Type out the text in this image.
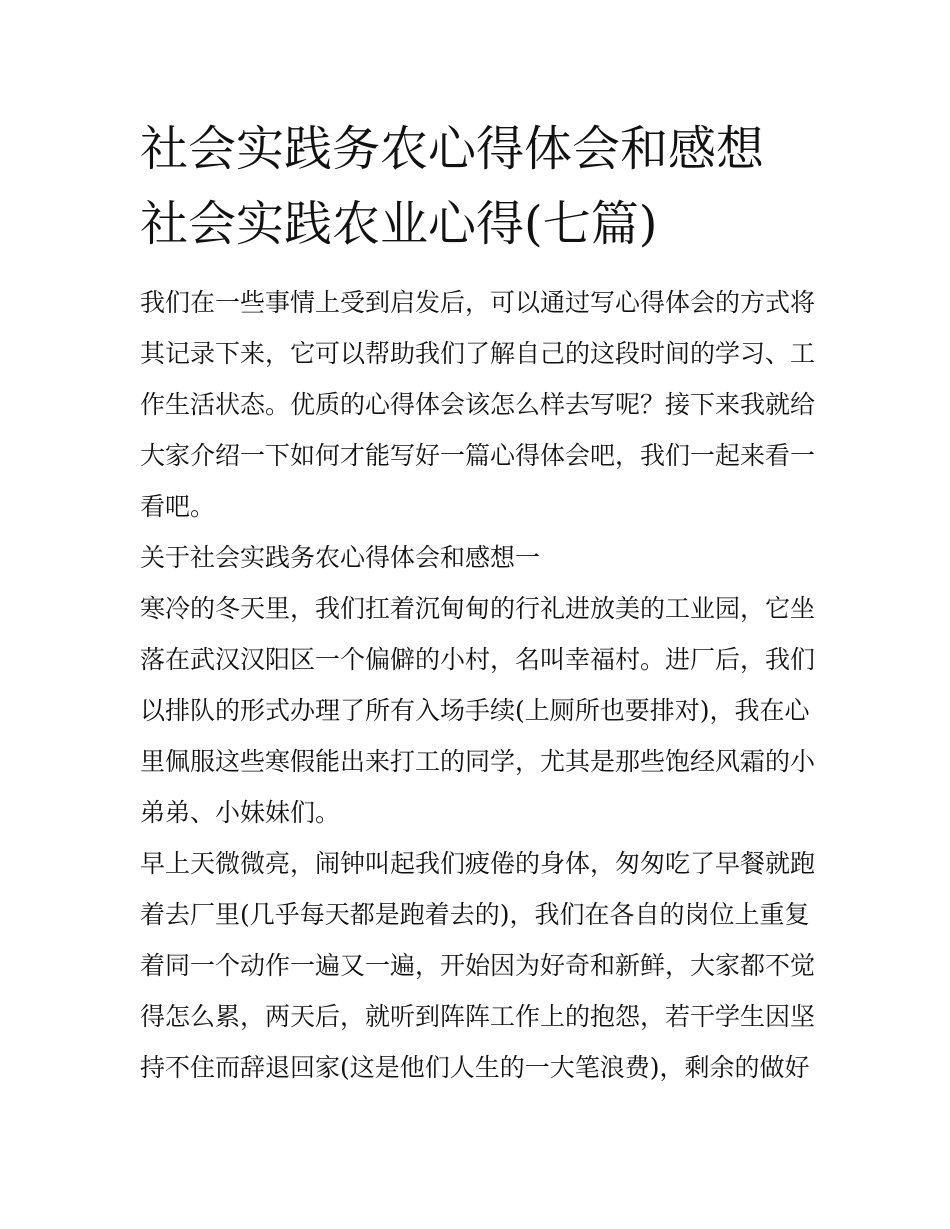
社会实践务农心得体会和感想
社会实践农业心得(七篇)
我们在一些事情上受到启发后，可以通过写心得体会的方式将
其记录下来，它可以帮助我们了解自己的这段时间的学习、工
作生活状态。优质的心得体会该怎么样去写呢？接下来我就给
大家介绍一下如何才能写好一篇心得体会吧，我们一起来看一
看吧。
关于社会实践务农心得体会和感想一
寒冷的冬天里，我们扛着沉甸甸的行礼进放美的工业园，它坐
落在武汉汉阳区一个偏僻的小村，名叫幸福村。进厂后，我们
以排队的形式办理了所有入场手续(上厕所也要排对)，我在心
里佩服这些寒假能出来打工的同学，尤其是那些饱经风霜的小
弟弟、小妹妹们。
早上天微微亮，闹钟叫起我们疲倦的身体，匆匆吃了早餐就跑
着去厂里(几乎每天都是跑着去的)，我们在各自的岗位上重复
着同一个动作一遍又一遍，开始因为好奇和新鲜，大家都不觉
得怎么累，两天后，就听到阵阵工作上的抱怨，若干学生因坚
持不住而辞退回家(这是他们人生的一大笔浪费)，剩余的做好
